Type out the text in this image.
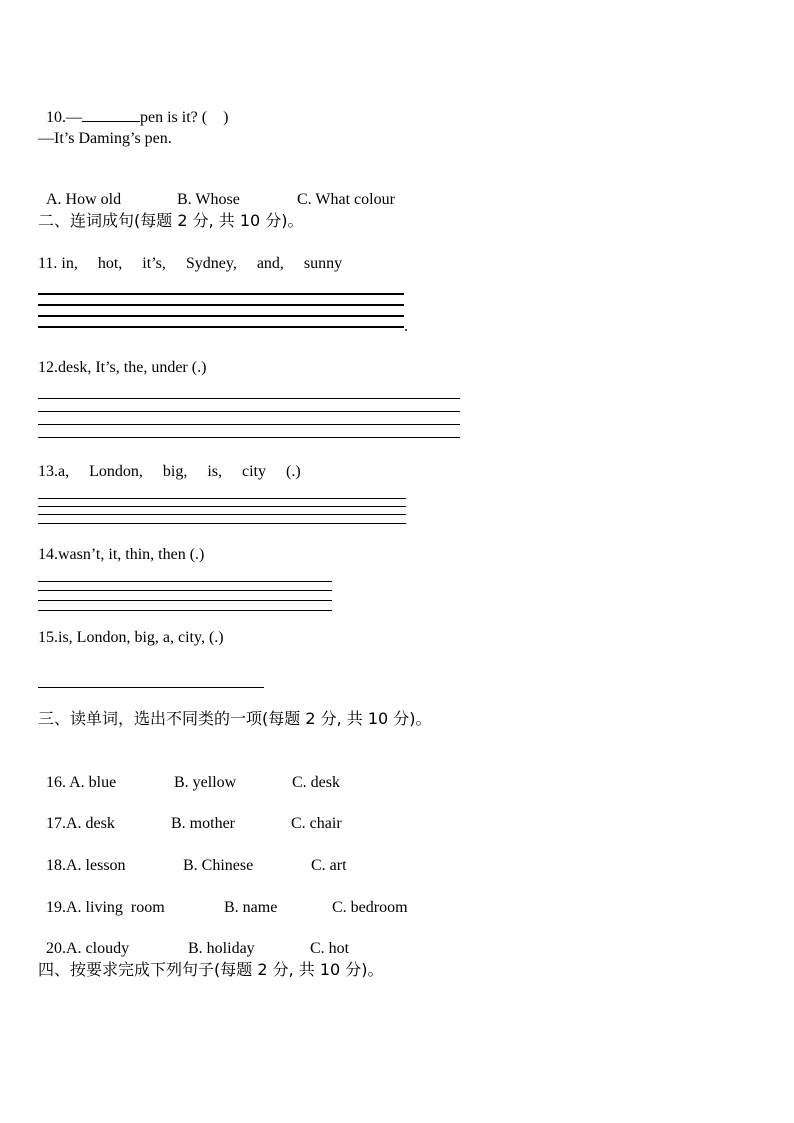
10.—	pen is it? (    )

—It’s Daming’s pen.

A. How old	B. Whose	C. What colour

二、连词成句(每题 2 分, 共 10 分)。
11. in,     hot,     it’s,     Sydney,     and,     sunny
.
12.desk, It’s, the, under (.)
13.a,     London,     big,     is,     city     (.)
14.wasn’t, it, thin, then (.)
15.is, London, big, a, city, (.)
三、读单词，选出不同类的一项(每题 2 分, 共 10 分)。

16. A. blue	B. yellow	C. desk

17.A. desk	B. mother	C. chair

18.A. lesson	B. Chinese	C. art

19.A. living  room	B. name	C. bedroom

20.A. cloudy	B. holiday	C. hot

四、按要求完成下列句子(每题 2 分, 共 10 分)。
